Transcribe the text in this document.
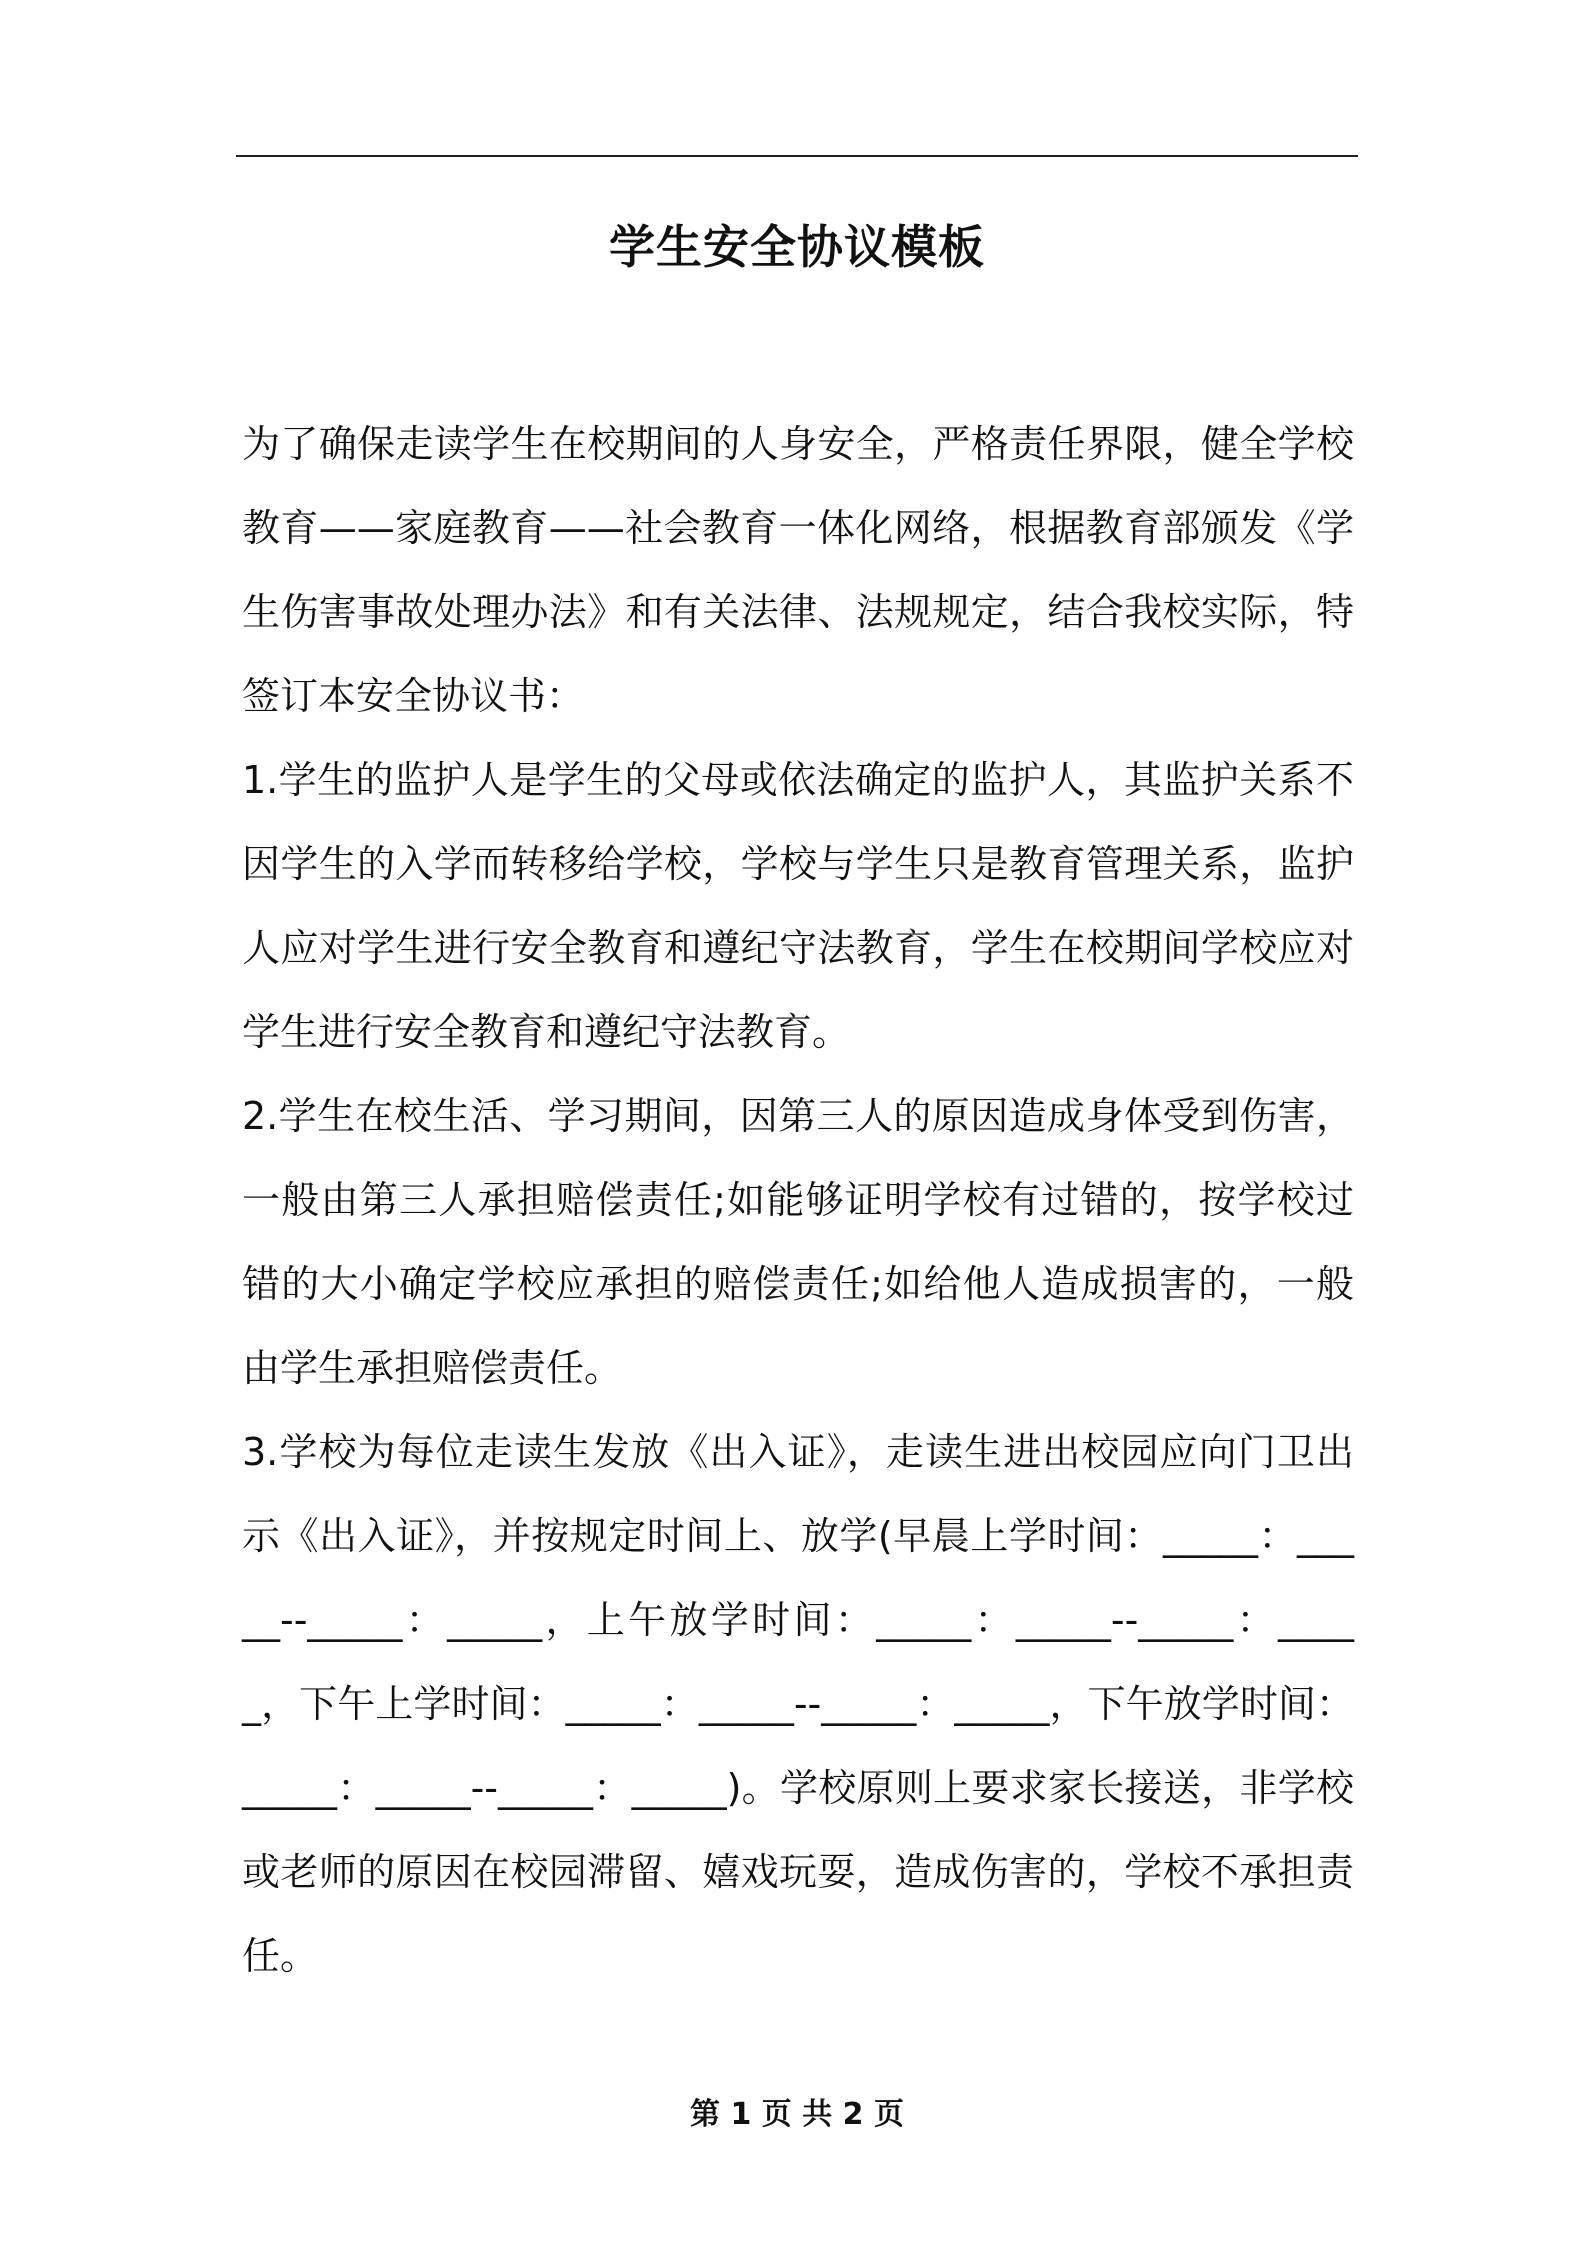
学生安全协议模板

为了确保走读学生在校期间的人身安全，严格责任界限，健全学校教育——家庭教育——社会教育一体化网络，根据教育部颁发《学生伤害事故处理办法》和有关法律、法规规定，结合我校实际，特签订本安全协议书：

1.学生的监护人是学生的父母或依法确定的监护人，其监护关系不因学生的入学而转移给学校，学校与学生只是教育管理关系，监护人应对学生进行安全教育和遵纪守法教育，学生在校期间学校应对学生进行安全教育和遵纪守法教育。

2.学生在校生活、学习期间，因第三人的原因造成身体受到伤害，一般由第三人承担赔偿责任;如能够证明学校有过错的，按学校过错的大小确定学校应承担的赔偿责任;如给他人造成损害的，一般由学生承担赔偿责任。

3.学校为每位走读生发放《出入证》，走读生进出校园应向门卫出示《出入证》，并按规定时间上、放学(早晨上学时间：_____：_____--_____：_____，上午放学时间：_____：_____--_____：_____，下午上学时间：_____：_____--_____：_____，下午放学时间：_____：_____--_____：_____)。学校原则上要求家长接送，非学校或老师的原因在校园滞留、嬉戏玩耍，造成伤害的，学校不承担责任。

第 1 页 共 2 页
